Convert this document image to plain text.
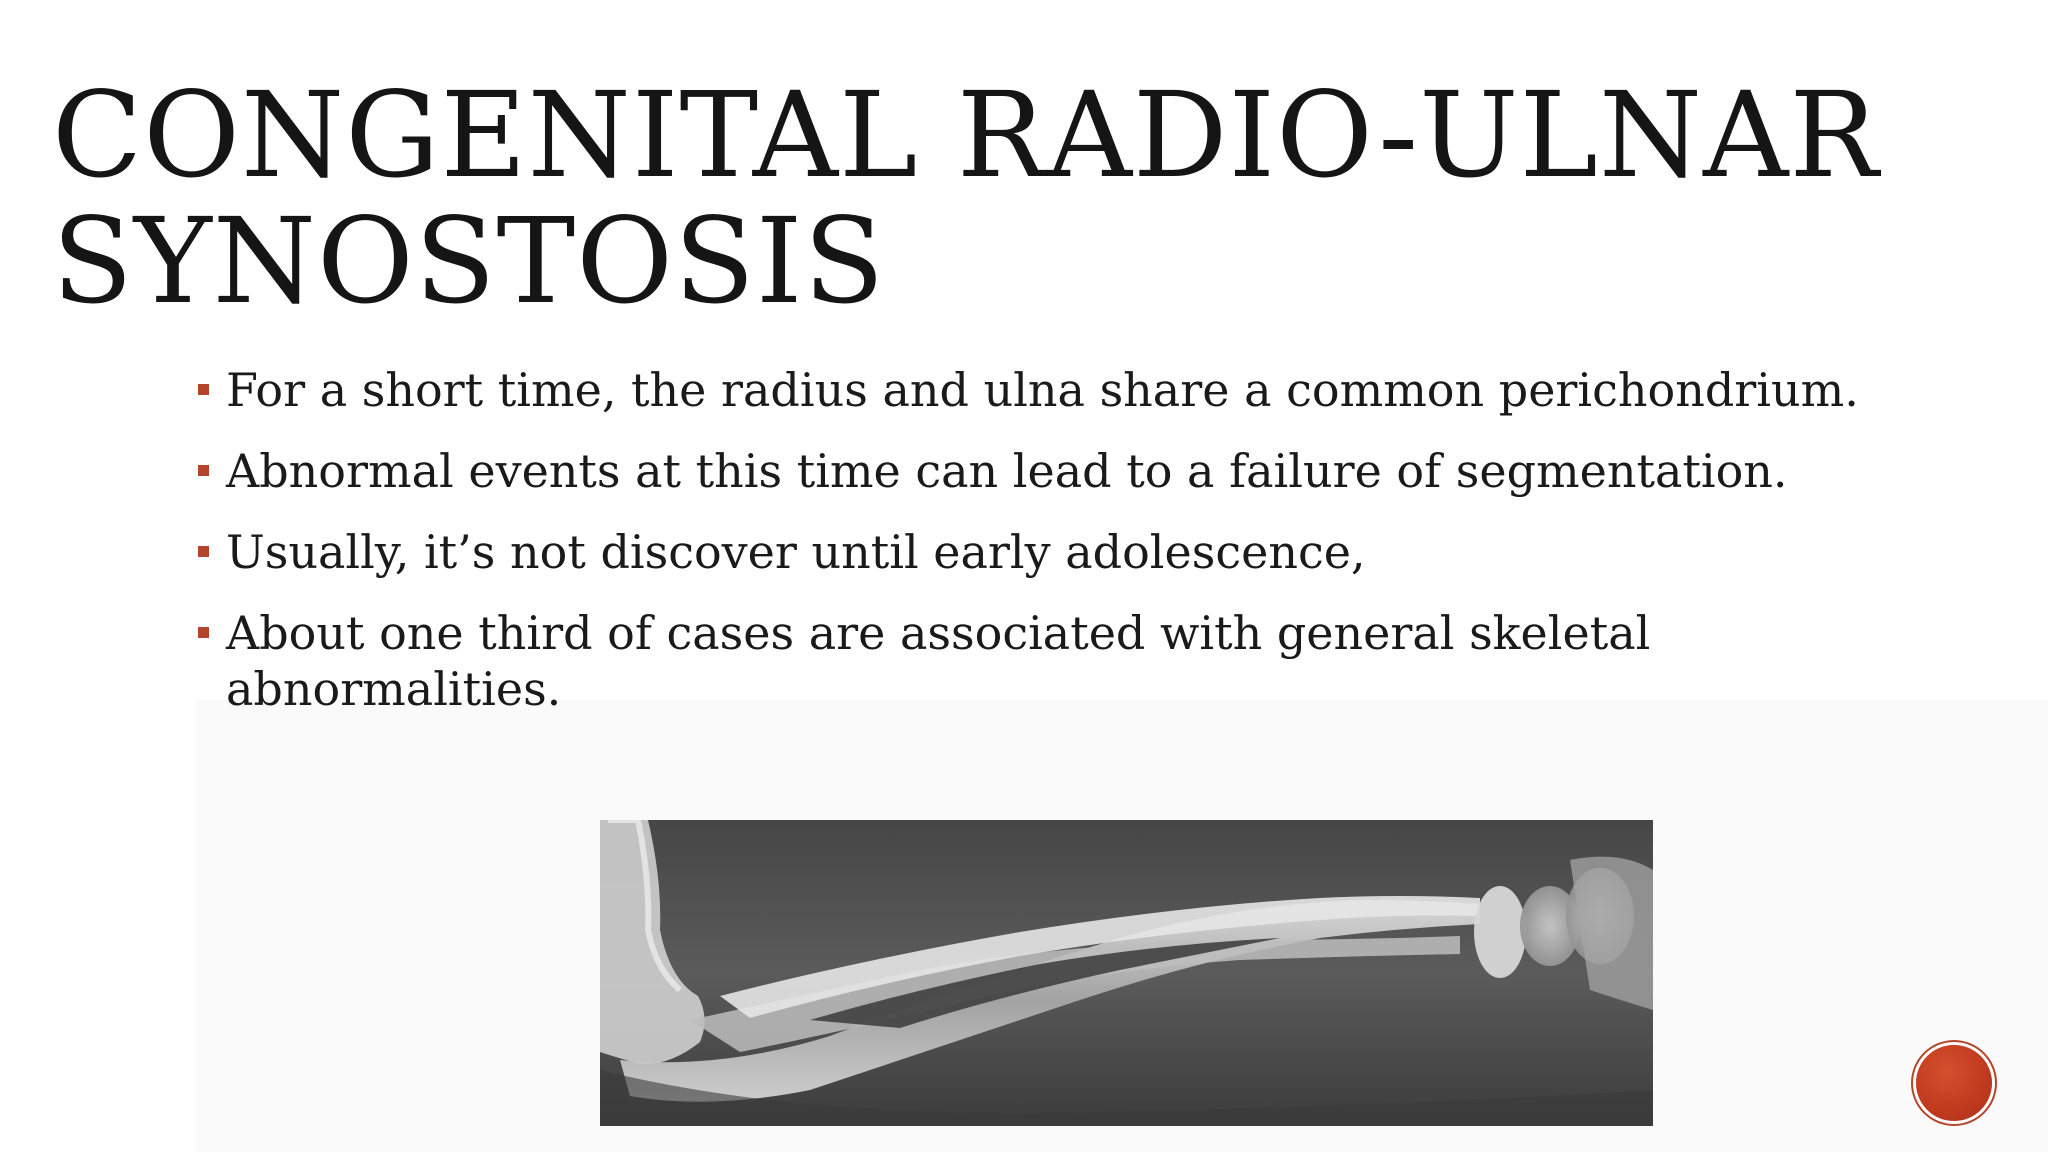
CONGENITAL RADIO-ULNAR
SYNOSTOSIS
For a short time, the radius and ulna share a common perichondrium.
Abnormal events at this time can lead to a failure of segmentation.
Usually, it’s not discover until early adolescence,
About one third of cases are associated with general skeletal abnormalities.
